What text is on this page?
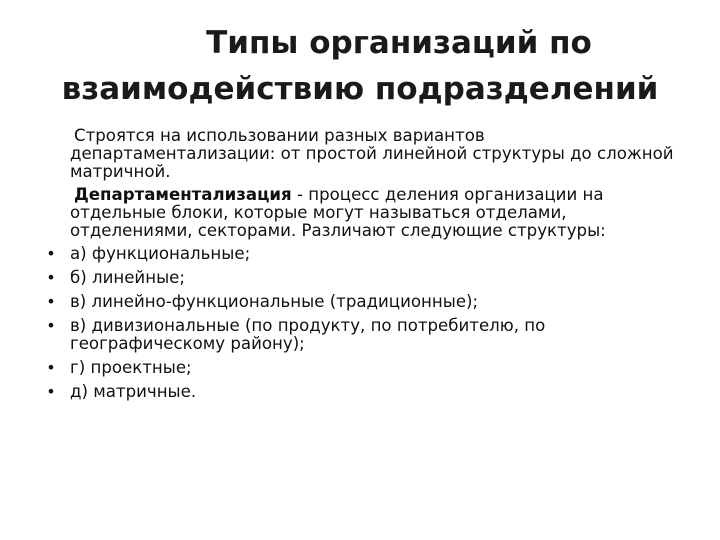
Типы организаций по
взаимодействию подразделений
Строятся на использовании разных вариантов департаментализации: от простой линейной структуры до сложной матричной.
Департаментализация - процесс деления организации на отдельные блоки, которые могут называться отделами, отделениями, секторами. Различают следующие структуры:
• а) функциональные;
• б) линейные;
• в) линейно-функциональные (традиционные);
• в) дивизиональные (по продукту, по потребителю, по географическому району);
• г) проектные;
• д) матричные.
